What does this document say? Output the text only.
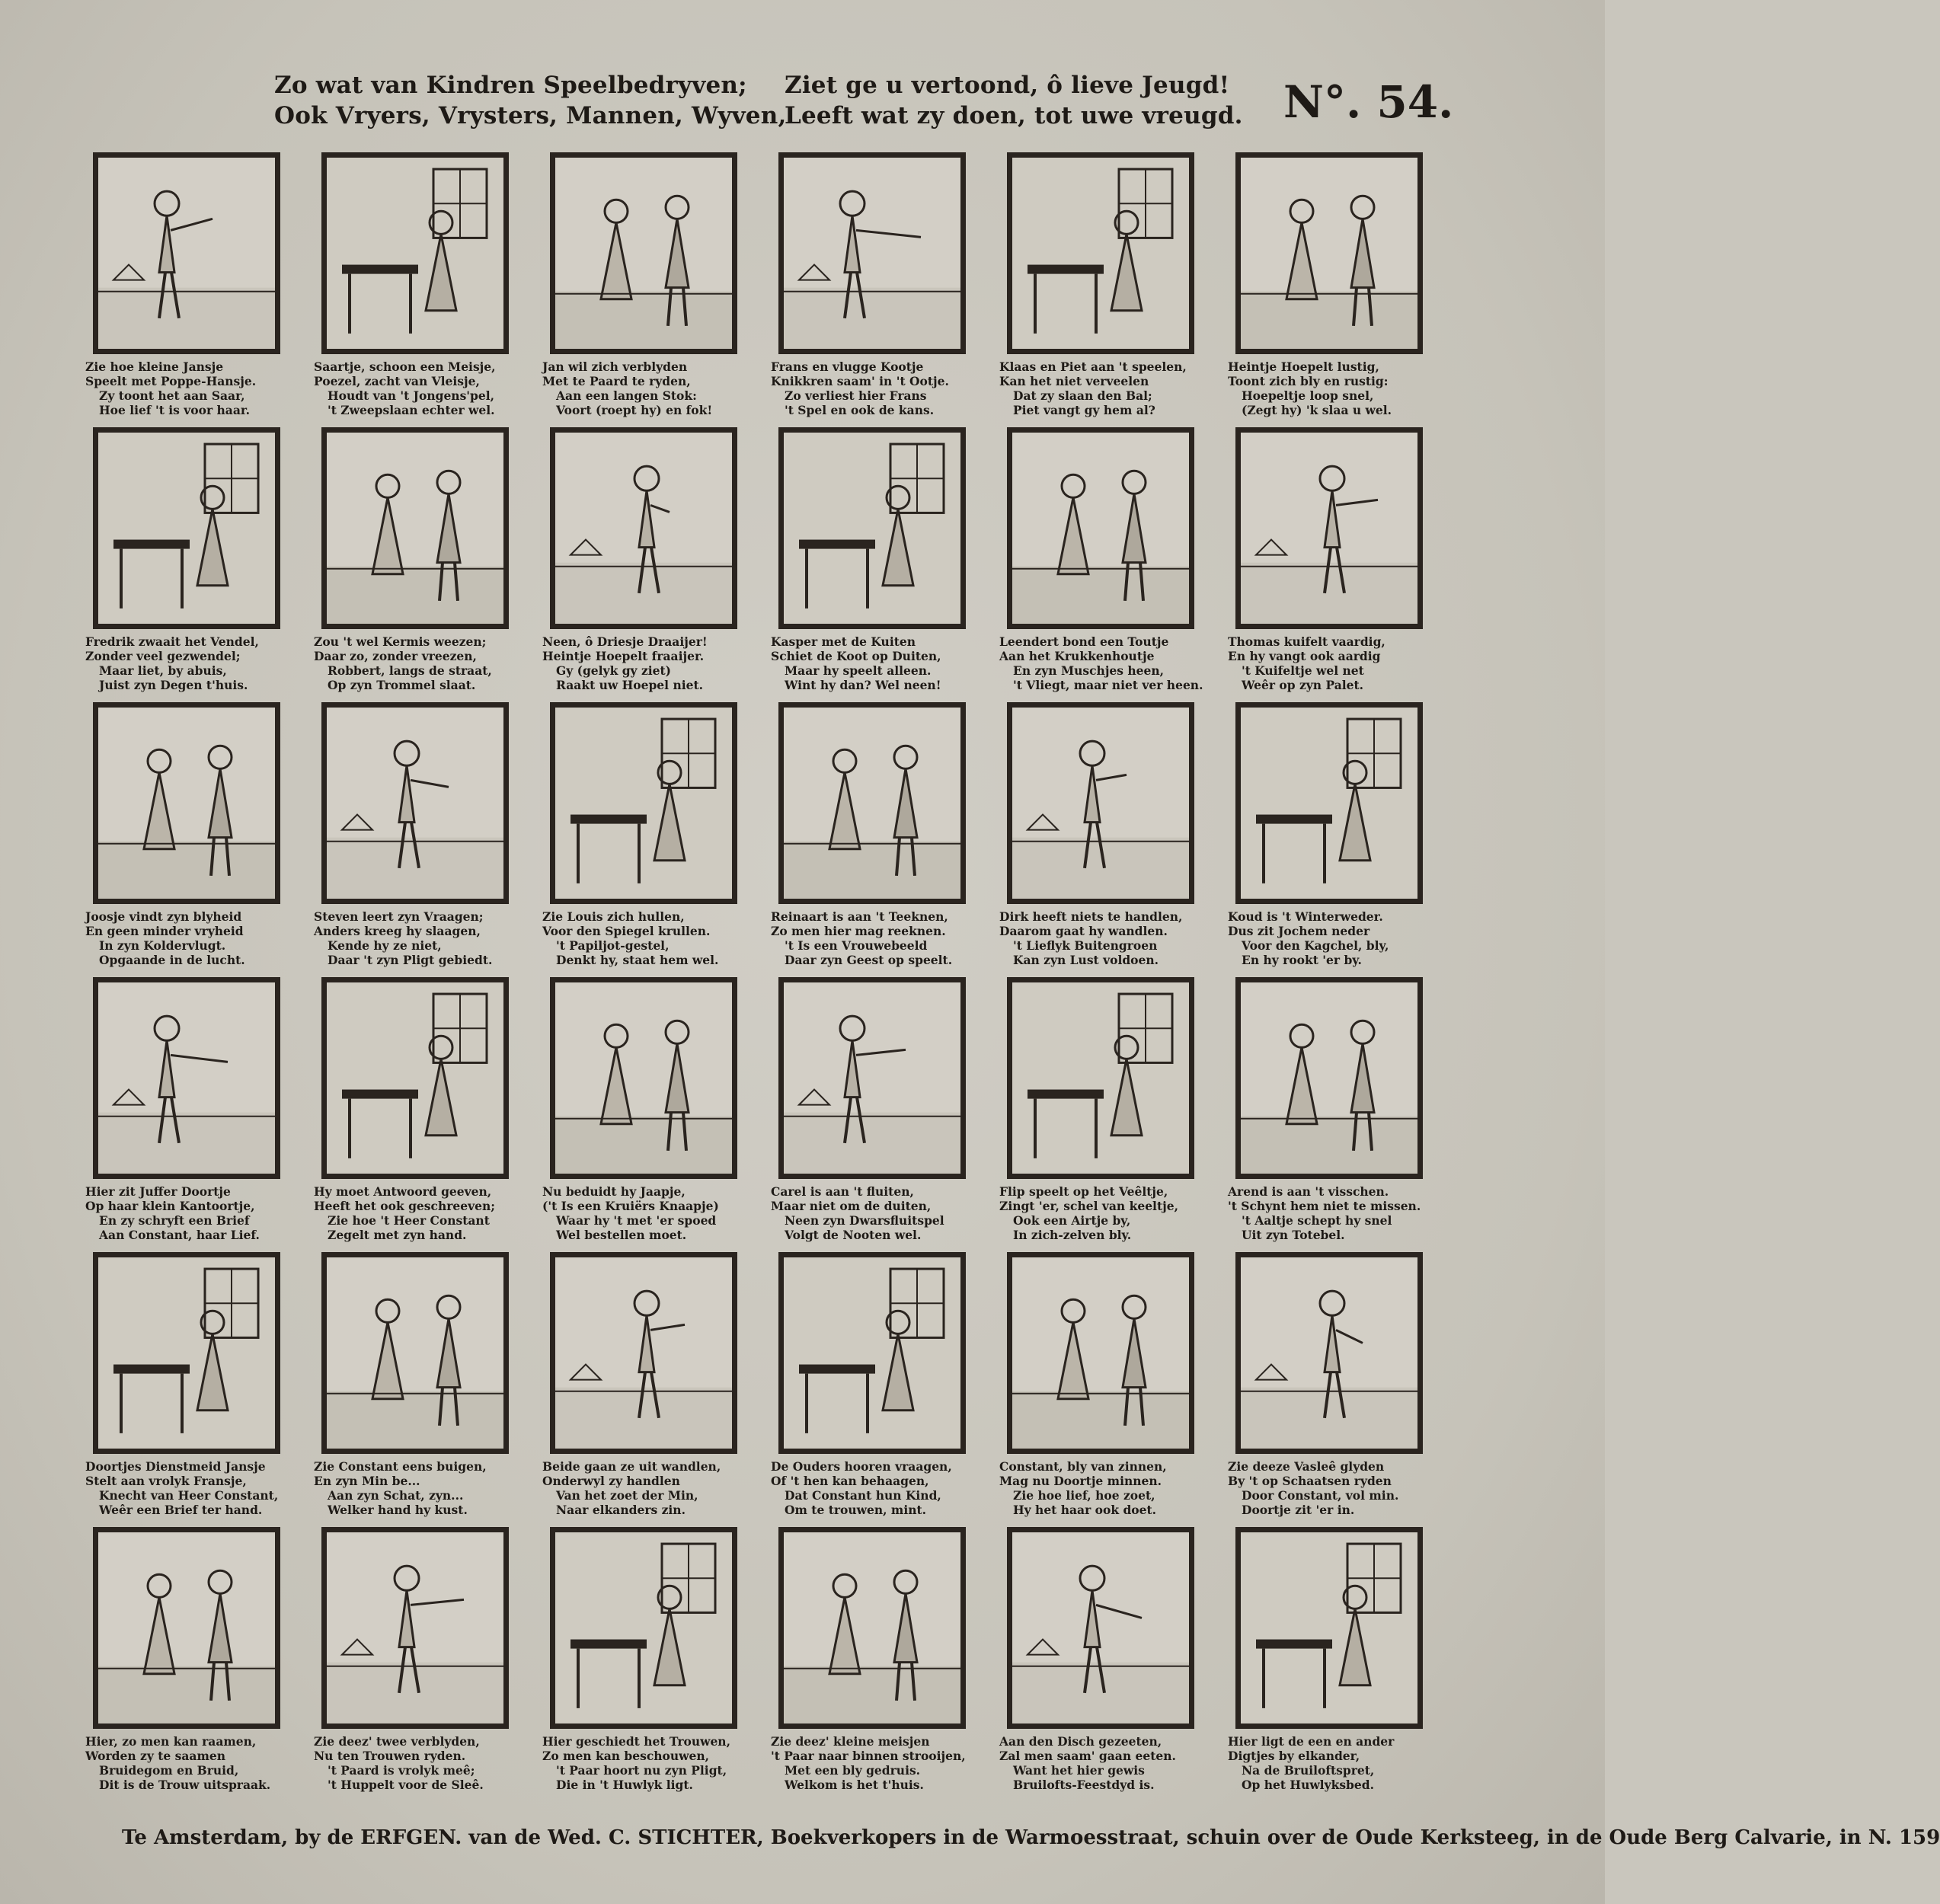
Zo wat van Kindren Speelbedryven;
Ook Vryers, Vrysters, Mannen, Wyven,
Ziet ge u vertoond, ô lieve Jeugd!
Leeft wat zy doen, tot uwe vreugd. N°. 54.
Zie hoe kleine Jansje
Speelt met Poppe-Hansje.
Zy toont het aan Saar,
Hoe lief 't is voor haar.
Saartje, schoon een Meisje,
Poezel, zacht van Vleisje,
Houdt van 't Jongens'pel,
't Zweepslaan echter wel.
Jan wil zich verblyden
Met te Paard te ryden,
Aan een langen Stok:
Voort (roept hy) en fok!
Frans en vlugge Kootje
Knikkren saam' in 't Ootje.
Zo verliest hier Frans
't Spel en ook de kans.
Klaas en Piet aan 't speelen,
Kan het niet verveelen
Dat zy slaan den Bal;
Piet vangt gy hem al?
Heintje Hoepelt lustig,
Toont zich bly en rustig:
Hoepeltje loop snel,
(Zegt hy) 'k slaa u wel.
Fredrik zwaait het Vendel,
Zonder veel gezwendel;
Maar liet, by abuis,
Juist zyn Degen t'huis.
Zou 't wel Kermis weezen;
Daar zo, zonder vreezen,
Robbert, langs de straat,
Op zyn Trommel slaat.
Neen, ô Driesje Draaijer!
Heintje Hoepelt fraaijer.
Gy (gelyk gy ziet)
Raakt uw Hoepel niet.
Kasper met de Kuiten
Schiet de Koot op Duiten,
Maar hy speelt alleen.
Wint hy dan? Wel neen!
Leendert bond een Toutje
Aan het Krukkenhoutje
En zyn Muschjes heen,
't Vliegt, maar niet ver heen.
Thomas kuifelt vaardig,
En hy vangt ook aardig
't Kuifeltje wel net
Weêr op zyn Palet.
Joosje vindt zyn blyheid
En geen minder vryheid
In zyn Koldervlugt.
Opgaande in de lucht.
Steven leert zyn Vraagen;
Anders kreeg hy slaagen,
Kende hy ze niet,
Daar 't zyn Pligt gebiedt.
Zie Louis zich hullen,
Voor den Spiegel krullen.
't Papiljot-gestel,
Denkt hy, staat hem wel.
Reinaart is aan 't Teeknen,
Zo men hier mag reeknen.
't Is een Vrouwebeeld
Daar zyn Geest op speelt.
Dirk heeft niets te handlen,
Daarom gaat hy wandlen.
't Lieflyk Buitengroen
Kan zyn Lust voldoen.
Koud is 't Winterweder.
Dus zit Jochem neder
Voor den Kagchel, bly,
En hy rookt 'er by.
Hier zit Juffer Doortje
Op haar klein Kantoortje,
En zy schryft een Brief
Aan Constant, haar Lief.
Hy moet Antwoord geeven,
Heeft het ook geschreeven;
Zie hoe 't Heer Constant
Zegelt met zyn hand.
Nu beduidt hy Jaapje,
('t Is een Kruiërs Knaapje)
Waar hy 't met 'er spoed
Wel bestellen moet.
Carel is aan 't fluiten,
Maar niet om de duiten,
Neen zyn Dwarsfluitspel
Volgt de Nooten wel.
Flip speelt op het Veêltje,
Zingt 'er, schel van keeltje,
Ook een Airtje by,
In zich-zelven bly.
Arend is aan 't visschen.
't Schynt hem niet te missen.
't Aaltje schept hy snel
Uit zyn Totebel.
Doortjes Dienstmeid Jansje
Stelt aan vrolyk Fransje,
Knecht van Heer Constant,
Weêr een Brief ter hand.
Zie Constant eens buigen,
En zyn Min be...
Aan zyn Schat, zyn...
Welker hand hy kust.
Beide gaan ze uit wandlen,
Onderwyl zy handlen
Van het zoet der Min,
Naar elkanders zin.
De Ouders hooren vraagen,
Of 't hen kan behaagen,
Dat Constant hun Kind,
Om te trouwen, mint.
Constant, bly van zinnen,
Mag nu Doortje minnen.
Zie hoe lief, hoe zoet,
Hy het haar ook doet.
Zie deeze Vasleê glyden
By 't op Schaatsen ryden
Door Constant, vol min.
Doortje zit 'er in.
Hier, zo men kan raamen,
Worden zy te saamen
Bruidegom en Bruid,
Dit is de Trouw uitspraak.
Zie deez' twee verblyden,
Nu ten Trouwen ryden.
't Paard is vrolyk meê;
't Huppelt voor de Sleê.
Hier geschiedt het Trouwen,
Zo men kan beschouwen,
't Paar hoort nu zyn Pligt,
Die in 't Huwlyk ligt.
Zie deez' kleine meisjen
't Paar naar binnen strooijen,
Met een bly gedruis.
Welkom is het t'huis.
Aan den Disch gezeeten,
Zal men saam' gaan eeten.
Want het hier gewis
Bruilofts-Feestdyd is.
Hier ligt de een en ander
Digtjes by elkander,
Na de Bruiloftspret,
Op het Huwlyksbed.
Te Amsterdam, by de ERFGEN. van de Wed. C. STICHTER, Boekverkopers in de Warmoesstraat, schuin over de Oude Kerksteeg, in de Oude Berg Calvarie, in N. 159
